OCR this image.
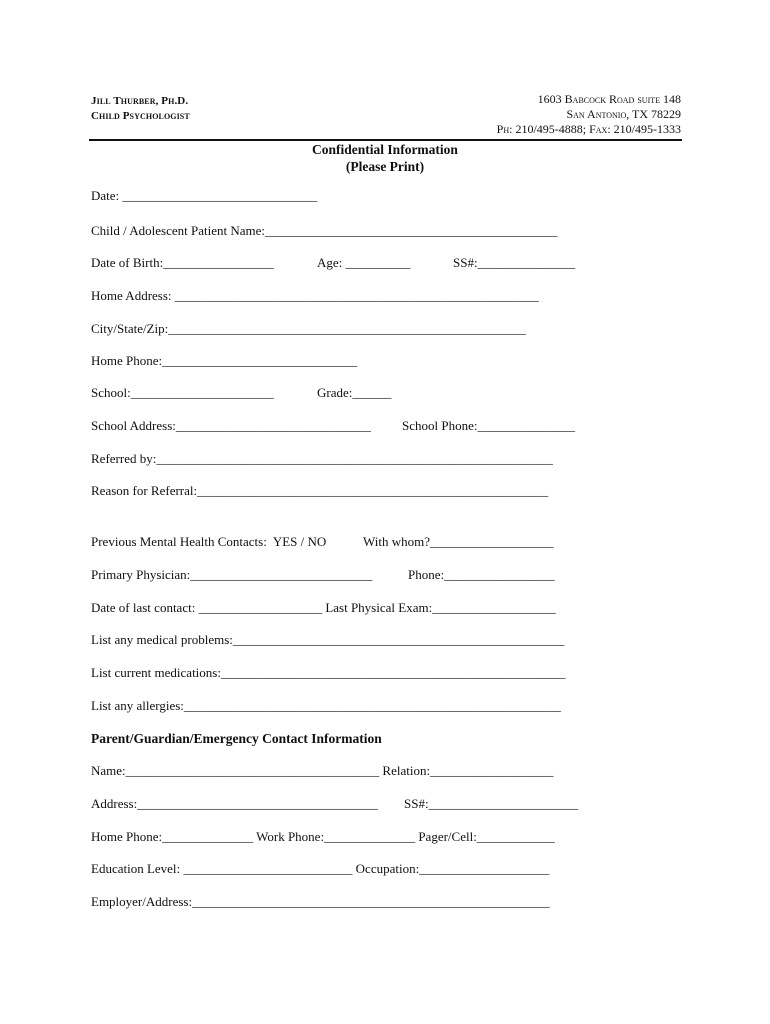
Jill Thurber, Ph.D.
Child Psychologist
1603 Babcock Road suite 148
San Antonio, TX 78229
Ph: 210/495-4888; Fax: 210/495-1333
Confidential Information
(Please Print)
Date: ______________________________
Child / Adolescent Patient Name:_____________________________________________
Date of Birth:_________________	Age: __________	SS#:_______________
Home Address: ________________________________________________________
City/State/Zip:_______________________________________________________
Home Phone:______________________________
School:______________________	Grade:______
School Address:______________________________ School Phone:_______________
Referred by:_____________________________________________________________
Reason for Referral:______________________________________________________
Previous Mental Health Contacts:  YES / NO	With whom?___________________
Primary Physician:____________________________	Phone:_________________
Date of last contact: ___________________ Last Physical Exam:___________________
List any medical problems:___________________________________________________
List current medications:_____________________________________________________
List any allergies:__________________________________________________________
Name:_______________________________________ Relation:___________________
Address:_____________________________________ SS#:_______________________
Home Phone:______________ Work Phone:______________ Pager/Cell:____________
Education Level: __________________________ Occupation:____________________
Employer/Address:_______________________________________________________
Parent/Guardian/Emergency Contact Information
